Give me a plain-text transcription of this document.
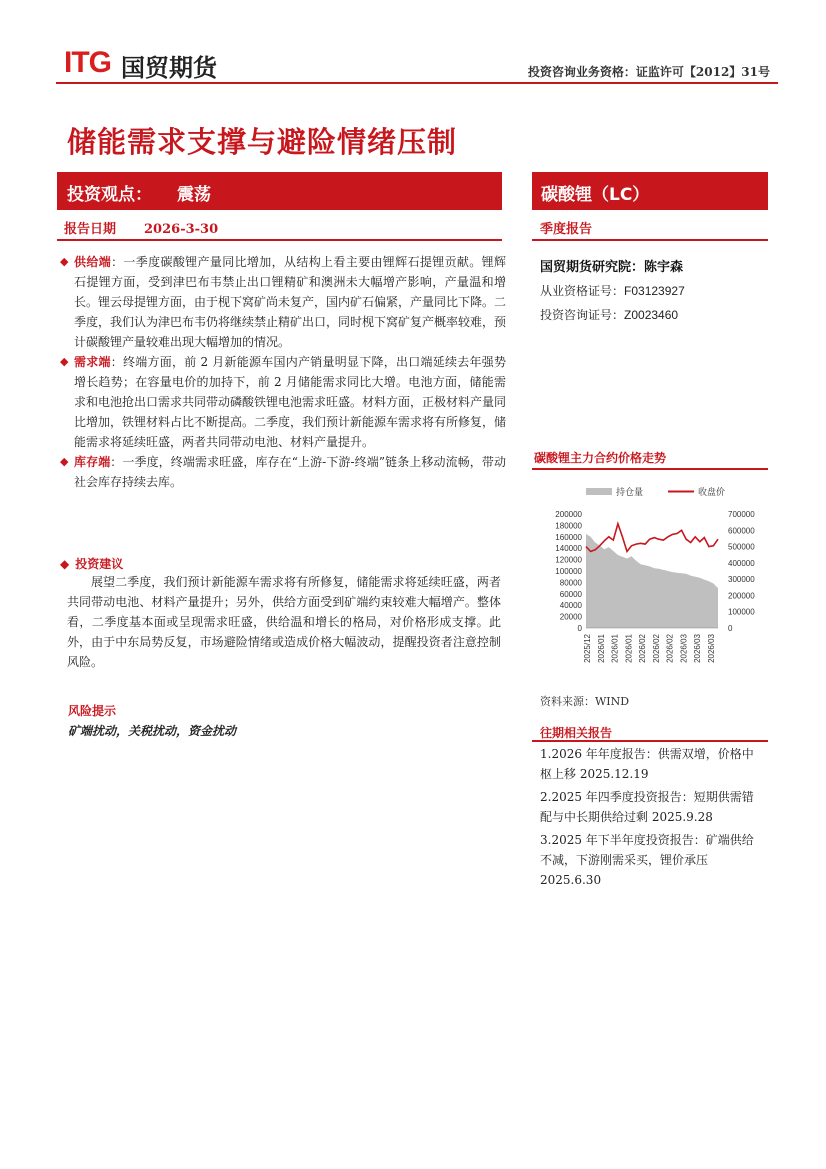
ITG 国贸期货	投资咨询业务资格：证监许可【2012】31号
储能需求支撑与避险情绪压制
投资观点： 震荡	碳酸锂（LC）
报告日期 2026-3-30	季度报告
◆ 供给端：一季度碳酸锂产量同比增加，从结构上看主要由锂辉石提锂贡献。锂辉石提锂方面，受到津巴布韦禁止出口锂精矿和澳洲未大幅增产影响，产量温和增长。锂云母提锂方面，由于枧下窝矿尚未复产，国内矿石偏紧，产量同比下降。二季度，我们认为津巴布韦仍将继续禁止精矿出口，同时枧下窝矿复产概率较难，预计碳酸锂产量较难出现大幅增加的情况。
◆ 需求端：终端方面，前 2 月新能源车国内产销量明显下降，出口端延续去年强势增长趋势；在容量电价的加持下，前 2 月储能需求同比大增。电池方面，储能需求和电池抢出口需求共同带动磷酸铁锂电池需求旺盛。材料方面，正极材料产量同比增加，铁锂材料占比不断提高。二季度，我们预计新能源车需求将有所修复，储能需求将延续旺盛，两者共同带动电池、材料产量提升。
◆ 库存端：一季度，终端需求旺盛，库存在“上游-下游-终端”链条上移动流畅，带动社会库存持续去库。
◆ 投资建议
展望二季度，我们预计新能源车需求将有所修复，储能需求将延续旺盛，两者共同带动电池、材料产量提升；另外，供给方面受到矿端约束较难大幅增产。整体看，二季度基本面或呈现需求旺盛，供给温和增长的格局，对价格形成支撑。此外，由于中东局势反复，市场避险情绪或造成价格大幅波动，提醒投资者注意控制风险。
风险提示
矿端扰动，关税扰动，资金扰动
国贸期货研究院：陈宇森
从业资格证号：F03123927
投资咨询证号：Z0023460
碳酸锂主力合约价格走势
持仓量	收盘价
0
20000
40000
60000
80000
100000
120000
140000
160000
180000
200000
0
100000
200000
300000
400000
500000
600000
700000
2025/12 2026/01 2026/01 2026/01 2026/02 2026/02 2026/02 2026/03 2026/03 2026/03
资料来源：WIND
往期相关报告
1.2026 年年度报告：供需双增，价格中枢上移 2025.12.19
2.2025 年四季度投资报告：短期供需错配与中长期供给过剩 2025.9.28
3.2025 年下半年度投资报告：矿端供给不减，下游刚需采买，锂价承压 2025.6.30
